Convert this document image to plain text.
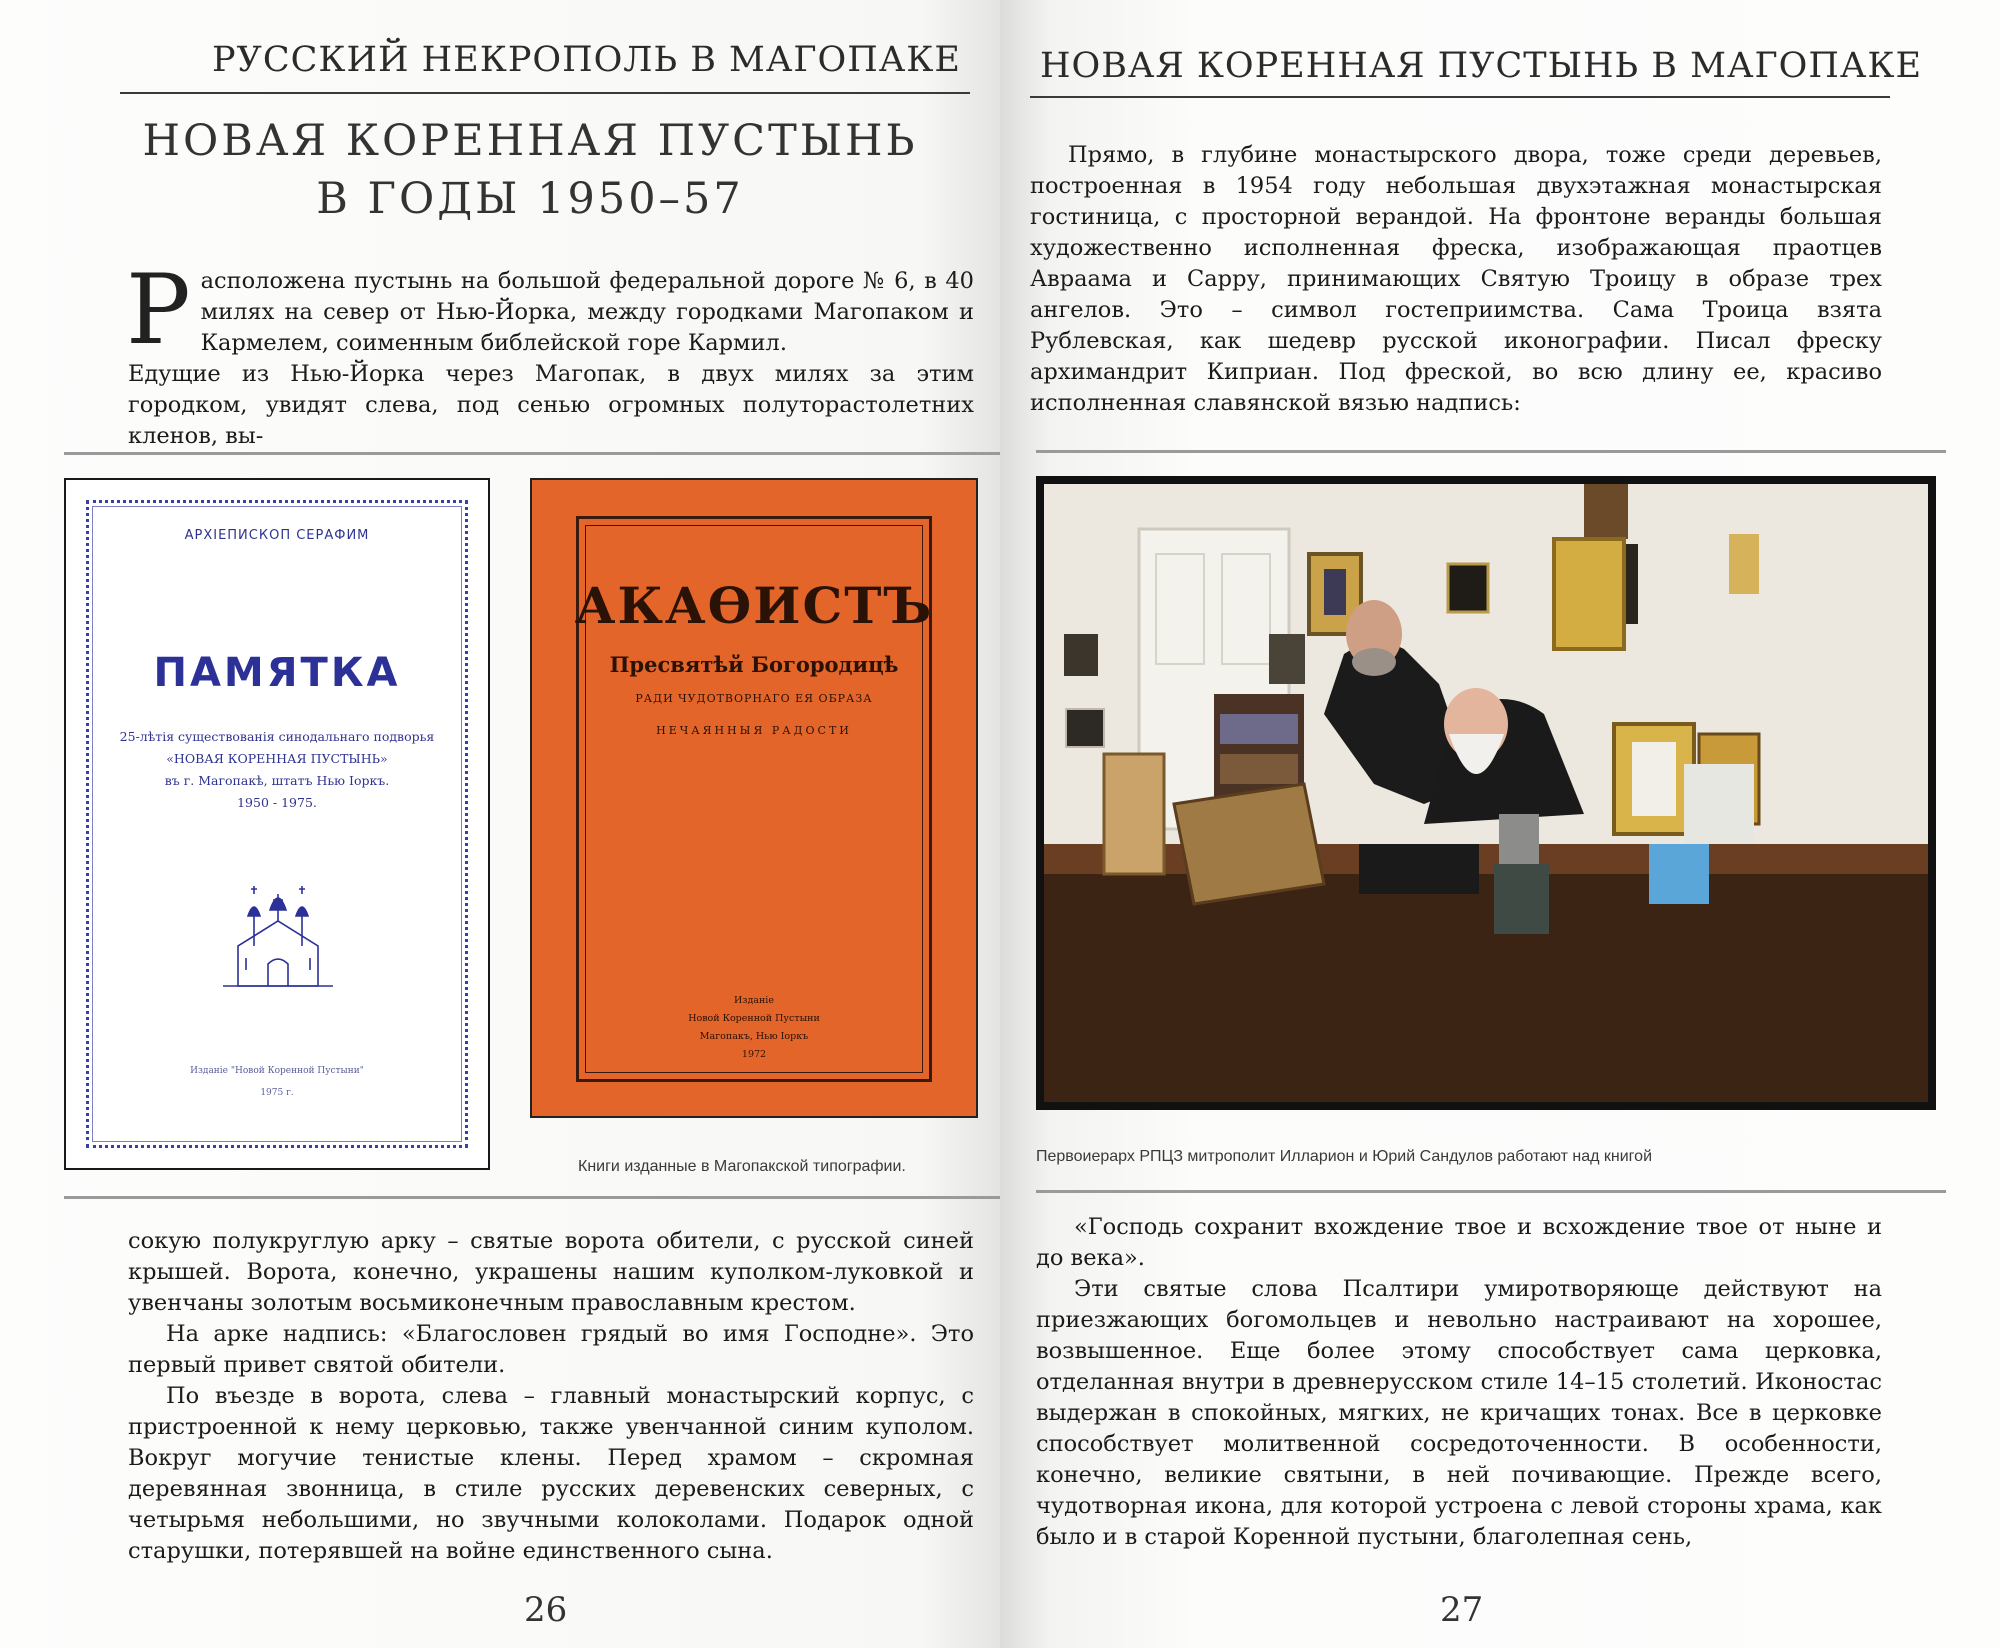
РУССКИЙ НЕКРОПОЛЬ В МАГОПАКЕ
НОВАЯ КОРЕННАЯ ПУСТЫНЬ
В ГОДЫ 1950–57

Р асположена пустынь на большой федеральной дороге № 6, в 40 милях на север от Нью-Йорка, между городками Магопаком и Кармелем, соименным библейской горе Кармил.

Едущие из Нью-Йорка через Магопак, в двух милях за этим городком, увидят слева, под сенью огромных полуторастолетних кленов, вы-

АРХІЕПИСКОП СЕРАФИМ
ПАМЯТКА
25-лѣтія существованія синодальнаго подворья
«НОВАЯ КОРЕННАЯ ПУСТЫНЬ»
въ г. Магопакѣ, штатъ Нью Іоркъ.
1950 - 1975.
Изданіе "Новой Коренной Пустыни"
1975 г.
АКАѲИСТЪ
Пресвятѣй Богородицѣ
РАДИ ЧУДОТВОРНАГО ЕЯ ОБРАЗА
НЕЧАЯННЫЯ РАДОСТИ
Изданіе
Новой Коренной Пустыни
Магопакъ, Нью Іоркъ
1972
Книги изданные в Магопакской типографии.

сокую полукруглую арку – святые ворота обители, с русской синей крышей. Ворота, конечно, украшены нашим куполком-луковкой и увенчаны золотым восьмиконечным православным крестом.

На арке надпись: «Благословен грядый во имя Господне». Это первый привет святой обители.

По въезде в ворота, слева – главный монастырский корпус, с пристроенной к нему церковью, также увенчанной синим куполом. Вокруг могучие тенистые клены. Перед храмом – скромная деревянная звонница, в стиле русских деревенских северных, с четырьмя небольшими, но звучными колоколами. Подарок одной старушки, потерявшей на войне единственного сына.

26
НОВАЯ КОРЕННАЯ ПУСТЫНЬ В МАГОПАКЕ

Прямо, в глубине монастырского двора, тоже среди деревьев, построенная в 1954 году небольшая двухэтажная монастырская гостиница, с просторной верандой. На фронтоне веранды большая художественно исполненная фреска, изображающая праотцев Авраама и Сарру, принимающих Святую Троицу в образе трех ангелов. Это – символ гостеприимства. Сама Троица взята Рублевская, как шедевр русской иконографии. Писал фреску архимандрит Киприан. Под фреской, во всю длину ее, красиво исполненная славянской вязью надпись:

Первоиерарх РПЦЗ митрополит Илларион и Юрий Сандулов работают над книгой

«Господь сохранит вхождение твое и всхождение твое от ныне и до века».

Эти святые слова Псалтири умиротворяюще действуют на приезжающих богомольцев и невольно настраивают на хорошее, возвышенное. Еще более этому способствует сама церковка, отделанная внутри в древнерусском стиле 14–15 столетий. Иконостас выдержан в спокойных, мягких, не кричащих тонах. Все в церковке способствует молитвенной сосредоточенности. В особенности, конечно, великие святыни, в ней почивающие. Прежде всего, чудотворная икона, для которой устроена с левой стороны храма, как было и в старой Коренной пустыни, благолепная сень,

27
